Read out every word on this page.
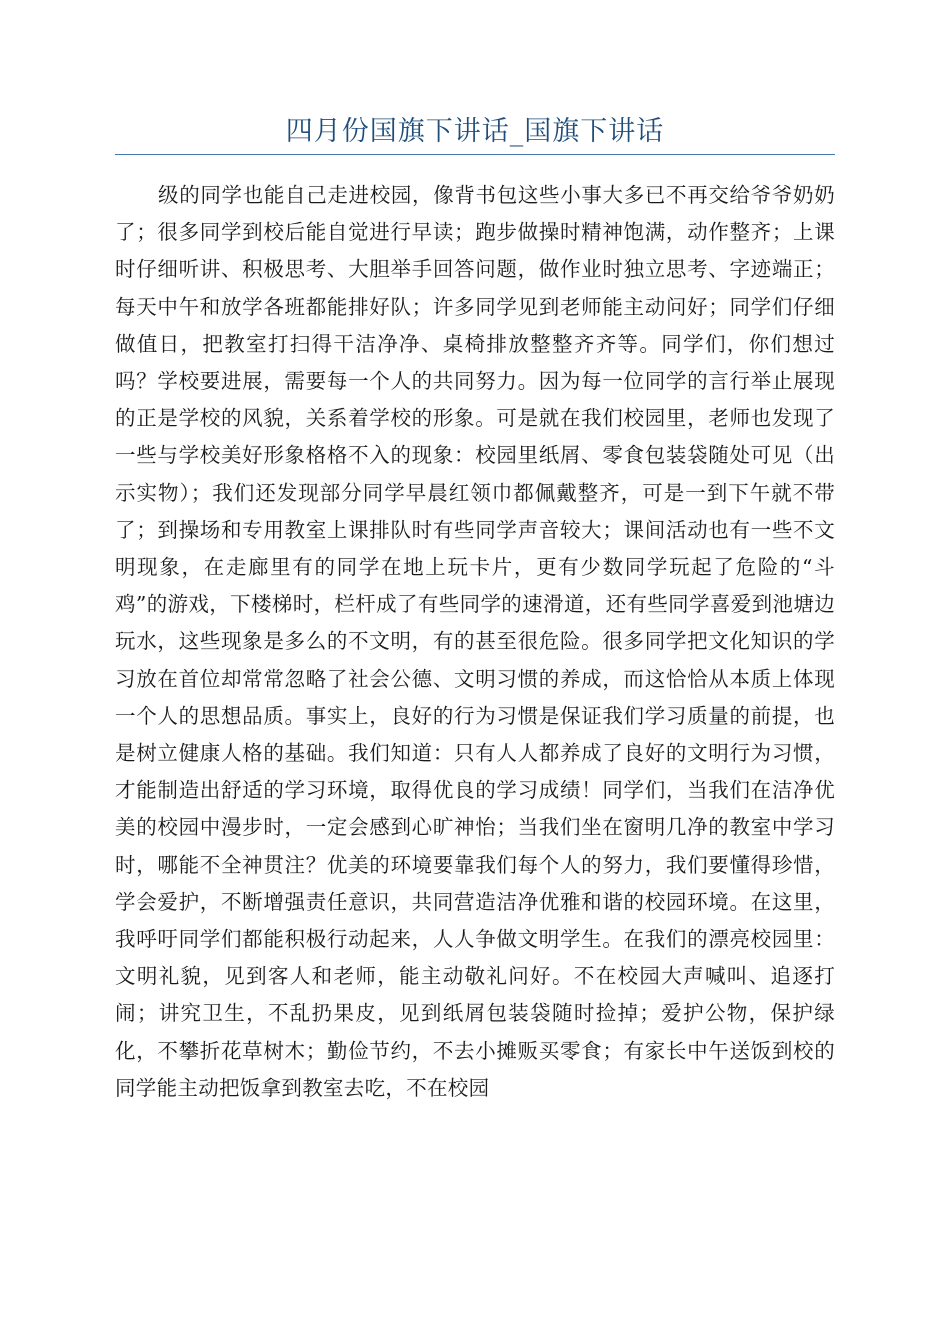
四月份国旗下讲话_国旗下讲话

级的同学也能自己走进校园，像背书包这些小事大多已不再交给爷爷奶奶了；很多同学到校后能自觉进行早读；跑步做操时精神饱满，动作整齐；上课时仔细听讲、积极思考、大胆举手回答问题，做作业时独立思考、字迹端正；每天中午和放学各班都能排好队；许多同学见到老师能主动问好；同学们仔细做值日，把教室打扫得干洁净净、桌椅排放整整齐齐等。同学们，你们想过吗？学校要进展，需要每一个人的共同努力。因为每一位同学的言行举止展现的正是学校的风貌，关系着学校的形象。可是就在我们校园里，老师也发现了一些与学校美好形象格格不入的现象：校园里纸屑、零食包装袋随处可见（出示实物）；我们还发现部分同学早晨红领巾都佩戴整齐，可是一到下午就不带了；到操场和专用教室上课排队时有些同学声音较大；课间活动也有一些不文明现象，在走廊里有的同学在地上玩卡片，更有少数同学玩起了危险的“斗鸡”的游戏，下楼梯时，栏杆成了有些同学的速滑道，还有些同学喜爱到池塘边玩水，这些现象是多么的不文明，有的甚至很危险。很多同学把文化知识的学习放在首位却常常忽略了社会公德、文明习惯的养成，而这恰恰从本质上体现一个人的思想品质。事实上，良好的行为习惯是保证我们学习质量的前提，也是树立健康人格的基础。我们知道：只有人人都养成了良好的文明行为习惯，才能制造出舒适的学习环境，取得优良的学习成绩！同学们，当我们在洁净优美的校园中漫步时，一定会感到心旷神怡；当我们坐在窗明几净的教室中学习时，哪能不全神贯注？优美的环境要靠我们每个人的努力，我们要懂得珍惜，学会爱护，不断增强责任意识，共同营造洁净优雅和谐的校园环境。在这里，我呼吁同学们都能积极行动起来，人人争做文明学生。在我们的漂亮校园里：文明礼貌，见到客人和老师，能主动敬礼问好。不在校园大声喊叫、追逐打闹；讲究卫生，不乱扔果皮，见到纸屑包装袋随时捡掉；爱护公物，保护绿化，不攀折花草树木；勤俭节约，不去小摊贩买零食；有家长中午送饭到校的同学能主动把饭拿到教室去吃，不在校园
